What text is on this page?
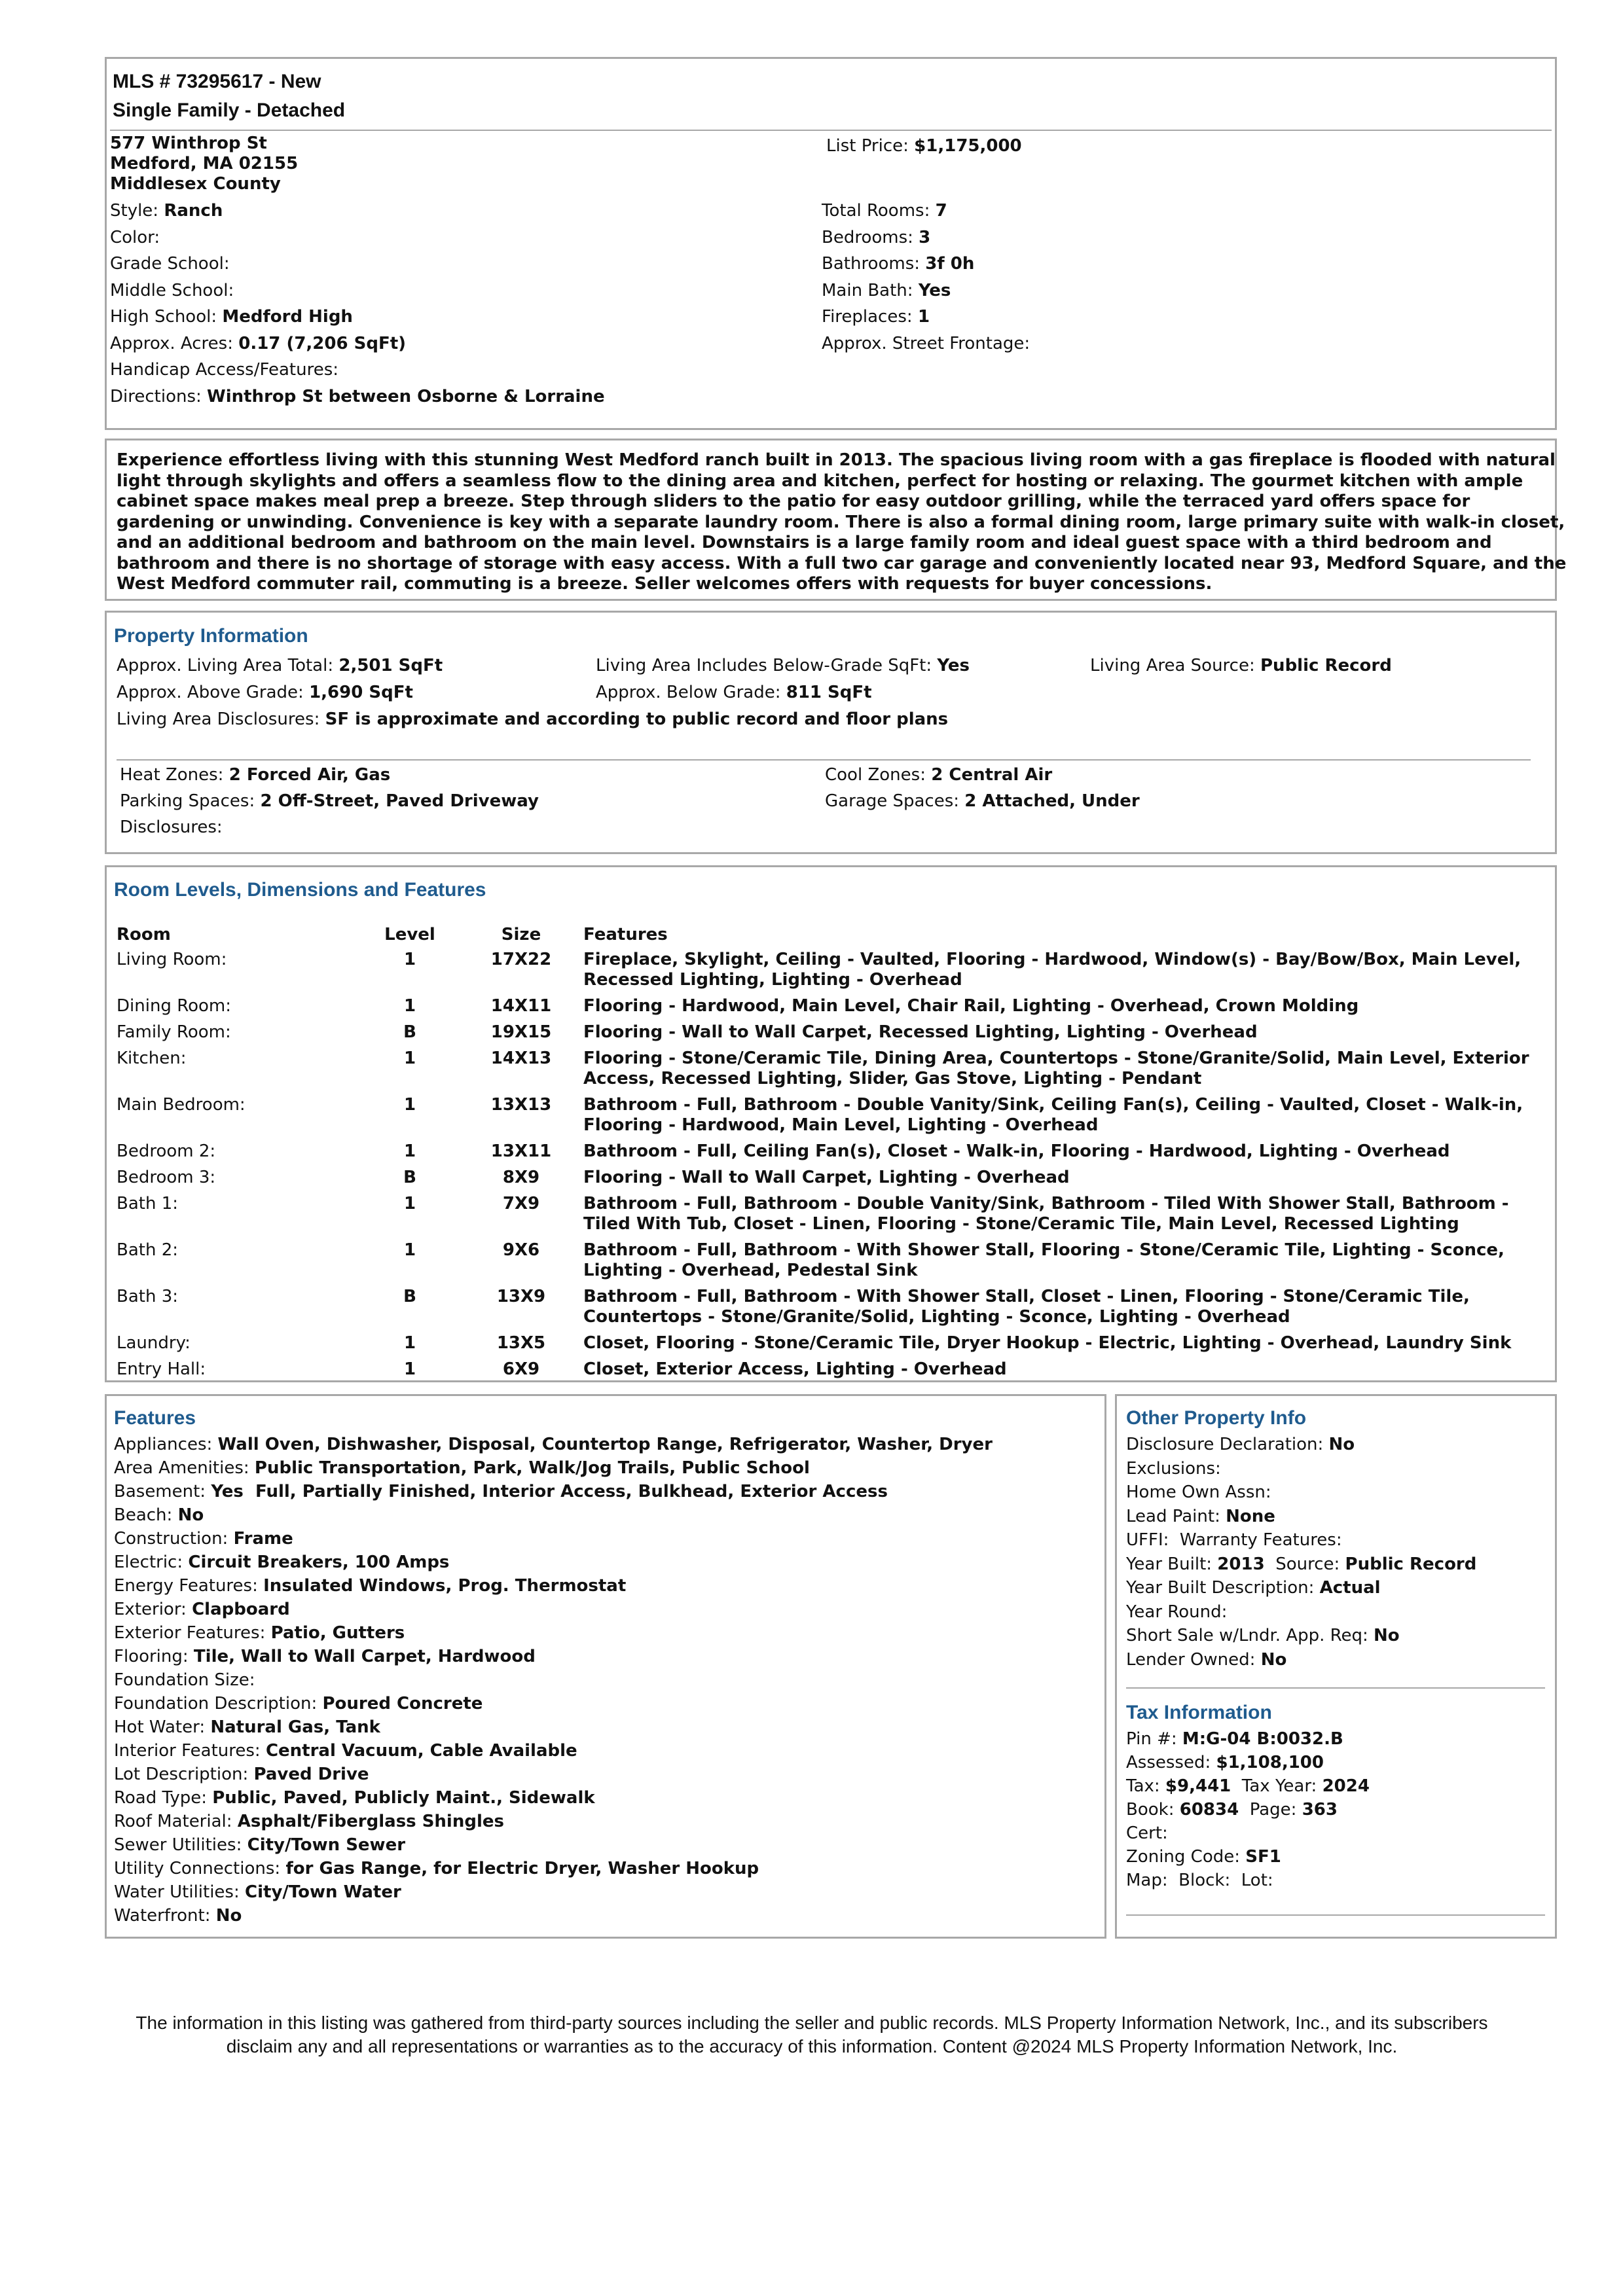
MLS # 73295617 - New
Single Family - Detached
577 Winthrop St
Medford, MA 02155
Middlesex County
List Price: $1,175,000
Style: Ranch
Color:
Grade School:
Middle School:
High School: Medford High
Approx. Acres: 0.17 (7,206 SqFt)
Handicap Access/Features:
Directions: Winthrop St between Osborne & Lorraine
Total Rooms: 7
Bedrooms: 3
Bathrooms: 3f 0h
Main Bath: Yes
Fireplaces: 1
Approx. Street Frontage:
Experience effortless living with this stunning West Medford ranch built in 2013. The spacious living room with a gas fireplace is flooded with natural light through skylights and offers a seamless flow to the dining area and kitchen, perfect for hosting or relaxing. The gourmet kitchen with ample cabinet space makes meal prep a breeze. Step through sliders to the patio for easy outdoor grilling, while the terraced yard offers space for gardening or unwinding. Convenience is key with a separate laundry room. There is also a formal dining room, large primary suite with walk-in closet, and an additional bedroom and bathroom on the main level. Downstairs is a large family room and ideal guest space with a third bedroom and bathroom and there is no shortage of storage with easy access. With a full two car garage and conveniently located near 93, Medford Square, and the West Medford commuter rail, commuting is a breeze. Seller welcomes offers with requests for buyer concessions.
Property Information
Approx. Living Area Total: 2,501 SqFt	Living Area Includes Below-Grade SqFt: Yes	Living Area Source: Public Record
Approx. Above Grade: 1,690 SqFt	Approx. Below Grade: 811 SqFt
Living Area Disclosures: SF is approximate and according to public record and floor plans
Heat Zones: 2 Forced Air, Gas	Cool Zones: 2 Central Air
Parking Spaces: 2 Off-Street, Paved Driveway	Garage Spaces: 2 Attached, Under
Disclosures:
Room Levels, Dimensions and Features
Room	Level	Size	Features
Living Room:	1	17X22	Fireplace, Skylight, Ceiling - Vaulted, Flooring - Hardwood, Window(s) - Bay/Bow/Box, Main Level, Recessed Lighting, Lighting - Overhead
Dining Room:	1	14X11	Flooring - Hardwood, Main Level, Chair Rail, Lighting - Overhead, Crown Molding
Family Room:	B	19X15	Flooring - Wall to Wall Carpet, Recessed Lighting, Lighting - Overhead
Kitchen:	1	14X13	Flooring - Stone/Ceramic Tile, Dining Area, Countertops - Stone/Granite/Solid, Main Level, Exterior Access, Recessed Lighting, Slider, Gas Stove, Lighting - Pendant
Main Bedroom:	1	13X13	Bathroom - Full, Bathroom - Double Vanity/Sink, Ceiling Fan(s), Ceiling - Vaulted, Closet - Walk-in, Flooring - Hardwood, Main Level, Lighting - Overhead
Bedroom 2:	1	13X11	Bathroom - Full, Ceiling Fan(s), Closet - Walk-in, Flooring - Hardwood, Lighting - Overhead
Bedroom 3:	B	8X9	Flooring - Wall to Wall Carpet, Lighting - Overhead
Bath 1:	1	7X9	Bathroom - Full, Bathroom - Double Vanity/Sink, Bathroom - Tiled With Shower Stall, Bathroom - Tiled With Tub, Closet - Linen, Flooring - Stone/Ceramic Tile, Main Level, Recessed Lighting
Bath 2:	1	9X6	Bathroom - Full, Bathroom - With Shower Stall, Flooring - Stone/Ceramic Tile, Lighting - Sconce, Lighting - Overhead, Pedestal Sink
Bath 3:	B	13X9	Bathroom - Full, Bathroom - With Shower Stall, Closet - Linen, Flooring - Stone/Ceramic Tile, Countertops - Stone/Granite/Solid, Lighting - Sconce, Lighting - Overhead
Laundry:	1	13X5	Closet, Flooring - Stone/Ceramic Tile, Dryer Hookup - Electric, Lighting - Overhead, Laundry Sink
Entry Hall:	1	6X9	Closet, Exterior Access, Lighting - Overhead
Features
Appliances: Wall Oven, Dishwasher, Disposal, Countertop Range, Refrigerator, Washer, Dryer
Area Amenities: Public Transportation, Park, Walk/Jog Trails, Public School
Basement: Yes  Full, Partially Finished, Interior Access, Bulkhead, Exterior Access
Beach: No
Construction: Frame
Electric: Circuit Breakers, 100 Amps
Energy Features: Insulated Windows, Prog. Thermostat
Exterior: Clapboard
Exterior Features: Patio, Gutters
Flooring: Tile, Wall to Wall Carpet, Hardwood
Foundation Size:
Foundation Description: Poured Concrete
Hot Water: Natural Gas, Tank
Interior Features: Central Vacuum, Cable Available
Lot Description: Paved Drive
Road Type: Public, Paved, Publicly Maint., Sidewalk
Roof Material: Asphalt/Fiberglass Shingles
Sewer Utilities: City/Town Sewer
Utility Connections: for Gas Range, for Electric Dryer, Washer Hookup
Water Utilities: City/Town Water
Waterfront: No
Other Property Info
Disclosure Declaration: No
Exclusions:
Home Own Assn:
Lead Paint: None
UFFI:  Warranty Features:
Year Built: 2013  Source: Public Record
Year Built Description: Actual
Year Round:
Short Sale w/Lndr. App. Req: No
Lender Owned: No
Tax Information
Pin #: M:G-04 B:0032.B
Assessed: $1,108,100
Tax: $9,441  Tax Year: 2024
Book: 60834  Page: 363
Cert:
Zoning Code: SF1
Map:  Block:  Lot:
The information in this listing was gathered from third-party sources including the seller and public records. MLS Property Information Network, Inc., and its subscribers
disclaim any and all representations or warranties as to the accuracy of this information. Content @2024 MLS Property Information Network, Inc.
